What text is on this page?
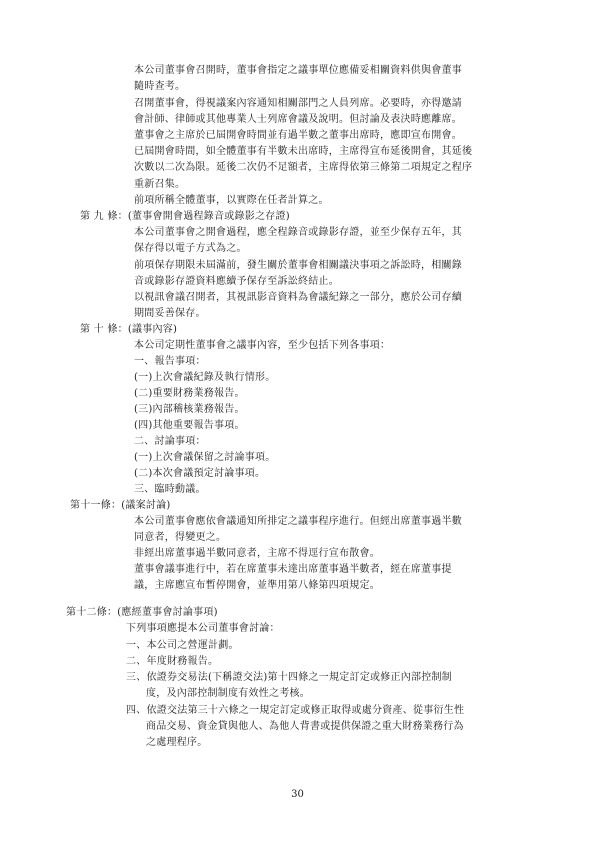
本公司董事會召開時，董事會指定之議事單位應備妥相關資料供與會董事
隨時查考。
召開董事會，得視議案內容通知相關部門之人員列席。必要時，亦得邀請
會計師、律師或其他專業人士列席會議及說明。但討論及表決時應離席。
董事會之主席於已屆開會時間並有過半數之董事出席時，應即宣布開會。
已屆開會時間，如全體董事有半數未出席時，主席得宣布延後開會，其延後
次數以二次為限。延後二次仍不足額者，主席得依第三條第二項規定之程序
重新召集。
前項所稱全體董事，以實際在任者計算之。
第 九 條：(董事會開會過程錄音或錄影之存證)
本公司董事會之開會過程，應全程錄音或錄影存證，並至少保存五年，其
保存得以電子方式為之。
前項保存期限未屆滿前，發生關於董事會相關議決事項之訴訟時，相關錄
音或錄影存證資料應續予保存至訴訟終結止。
以視訊會議召開者，其視訊影音資料為會議紀錄之一部分，應於公司存續
期間妥善保存。
第 十 條：(議事內容)
本公司定期性董事會之議事內容，至少包括下列各事項：
一、報告事項：
(一)上次會議紀錄及執行情形。
(二)重要財務業務報告。
(三)內部稽核業務報告。
(四)其他重要報告事項。
二、討論事項：
(一)上次會議保留之討論事項。
(二)本次會議預定討論事項。
三、臨時動議。
第十一條：(議案討論)
本公司董事會應依會議通知所排定之議事程序進行。但經出席董事過半數
同意者，得變更之。
非經出席董事過半數同意者，主席不得逕行宣布散會。
董事會議事進行中，若在席董事未達出席董事過半數者，經在席董事提
議，主席應宣布暫停開會，並準用第八條第四項規定。
第十二條：(應經董事會討論事項)
下列事項應提本公司董事會討論：
一、本公司之營運計劃。
二、年度財務報告。
三、依證券交易法(下稱證交法)第十四條之一規定訂定或修正內部控制制
度，及內部控制制度有效性之考核。
四、依證交法第三十六條之一規定訂定或修正取得或處分資產、從事衍生性
商品交易、資金貸與他人、為他人背書或提供保證之重大財務業務行為
之處理程序。
30
